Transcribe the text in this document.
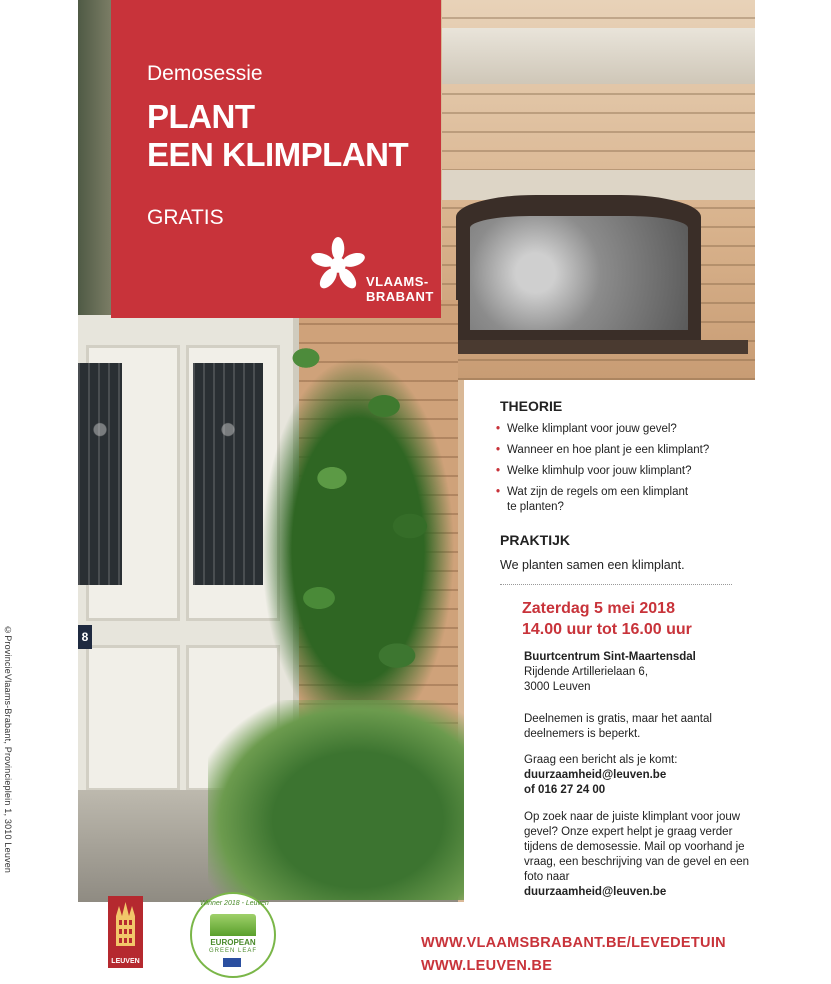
8
©ProvincieVlaams-Brabant, Provincieplein 1, 3010 Leuven
Demosessie
PLANT
EEN KLIMPLANT
GRATIS
VLAAMS-
BRABANT
THEORIE
• Welke klimplant voor jouw gevel?
• Wanneer en hoe plant je een klimplant?
• Welke klimhulp voor jouw klimplant?
• Wat zijn de regels om een klimplant te planten?
PRAKTIJK
We planten samen een klimplant.
Zaterdag 5 mei 2018
14.00 uur tot 16.00 uur
Buurtcentrum Sint-Maartensdal
Rijdende Artillerielaan 6,
3000 Leuven
Deelnemen is gratis, maar het aantal deelnemers is beperkt.
Graag een bericht als je komt:
duurzaamheid@leuven.be
of 016 27 24 00
Op zoek naar de juiste klimplant voor jouw gevel? Onze expert helpt je graag verder tijdens de demosessie. Mail op voorhand je vraag, een beschrijving van de gevel en een foto naar
duurzaamheid@leuven.be
LEUVEN
Winner 2018 - Leuven
EUROPEAN
GREEN LEAF	WWW.VLAAMSBRABANT.BE/LEVEDETUIN
WWW.LEUVEN.BE
